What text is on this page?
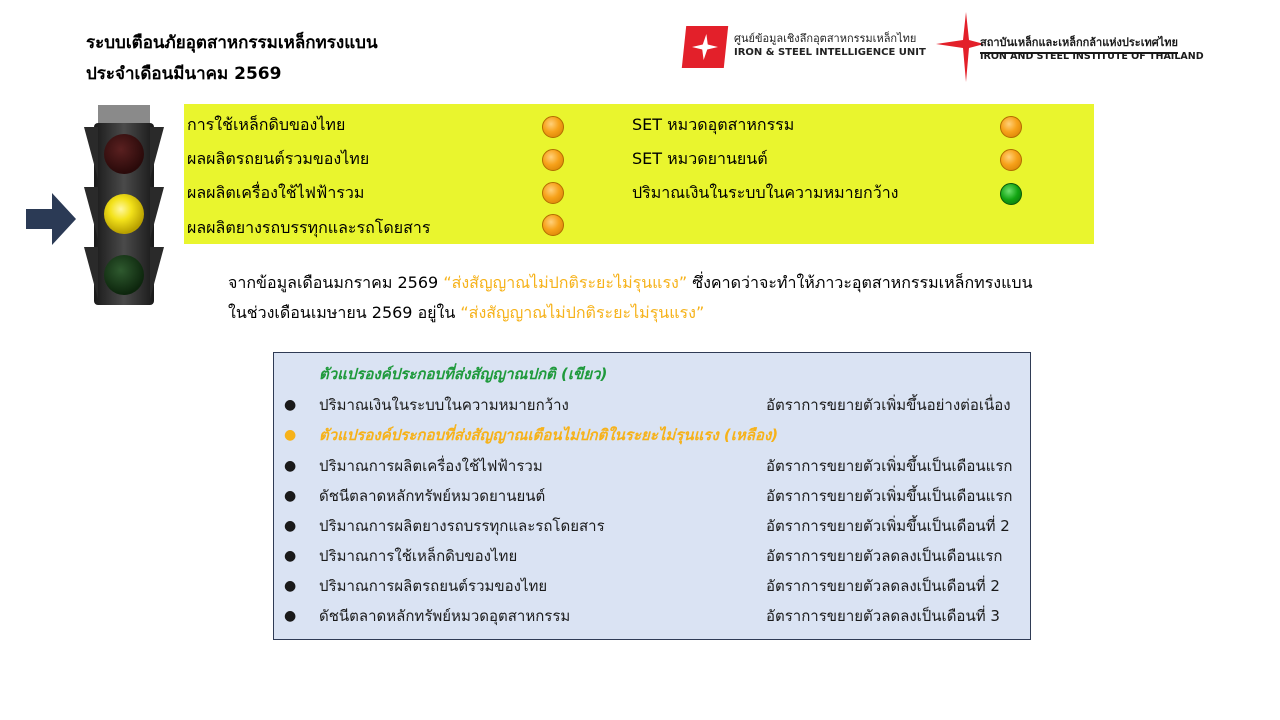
ระบบเตือนภัยอุตสาหกรรมเหล็กทรงแบน
ประจำเดือนมีนาคม 2569
ศูนย์ข้อมูลเชิงลึกอุตสาหกรรมเหล็กไทย
IRON & STEEL INTELLIGENCE UNIT
สถาบันเหล็กและเหล็กกล้าแห่งประเทศไทย
IRON AND STEEL INSTITUTE OF THAILAND
การใช้เหล็กดิบของไทย
ผลผลิตรถยนต์รวมของไทย
ผลผลิตเครื่องใช้ไฟฟ้ารวม
ผลผลิตยางรถบรรทุกและรถโดยสาร
SET หมวดอุตสาหกรรม
SET หมวดยานยนต์
ปริมาณเงินในระบบในความหมายกว้าง
จากข้อมูลเดือนมกราคม 2569 “ส่งสัญญาณไม่ปกติระยะไม่รุนแรง” ซึ่งคาดว่าจะทำให้ภาวะอุตสาหกรรมเหล็กทรงแบน
ในช่วงเดือนเมษายน 2569 อยู่ใน “ส่งสัญญาณไม่ปกติระยะไม่รุนแรง”
ตัวแปรองค์ประกอบที่ส่งสัญญาณปกติ (เขียว)
● ปริมาณเงินในระบบในความหมายกว้าง	อัตราการขยายตัวเพิ่มขึ้นอย่างต่อเนื่อง
● ตัวแปรองค์ประกอบที่ส่งสัญญาณเตือนไม่ปกติในระยะไม่รุนแรง (เหลือง)
● ปริมาณการผลิตเครื่องใช้ไฟฟ้ารวม	อัตราการขยายตัวเพิ่มขึ้นเป็นเดือนแรก
● ดัชนีตลาดหลักทรัพย์หมวดยานยนต์	อัตราการขยายตัวเพิ่มขึ้นเป็นเดือนแรก
● ปริมาณการผลิตยางรถบรรทุกและรถโดยสาร	อัตราการขยายตัวเพิ่มขึ้นเป็นเดือนที่ 2
● ปริมาณการใช้เหล็กดิบของไทย	อัตราการขยายตัวลดลงเป็นเดือนแรก
● ปริมาณการผลิตรถยนต์รวมของไทย	อัตราการขยายตัวลดลงเป็นเดือนที่ 2
● ดัชนีตลาดหลักทรัพย์หมวดอุตสาหกรรม	อัตราการขยายตัวลดลงเป็นเดือนที่ 3
